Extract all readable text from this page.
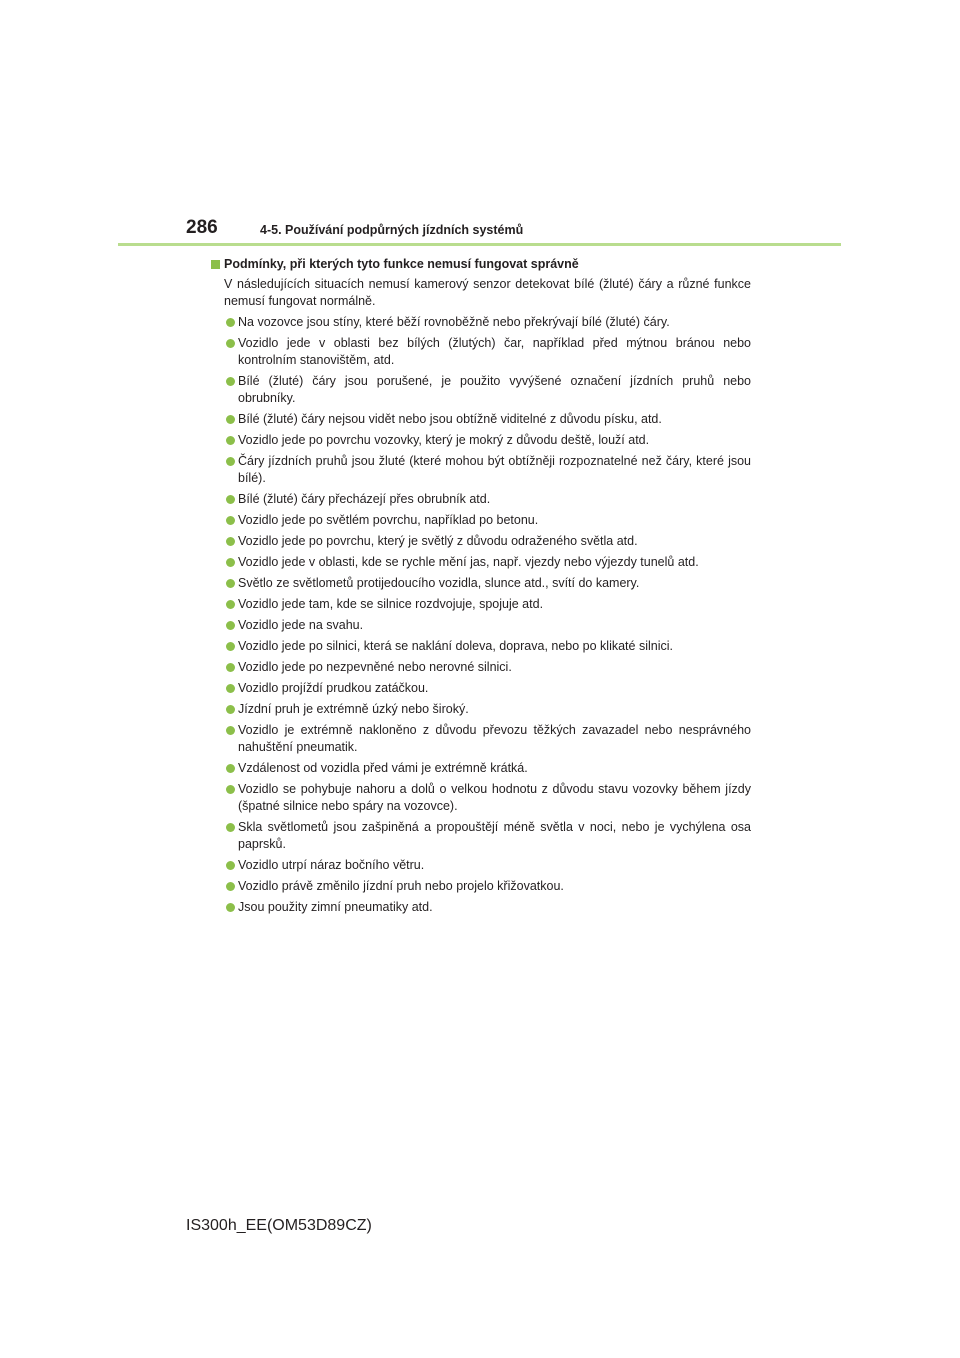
286	4-5. Používání podpůrných jízdních systémů

Podmínky, při kterých tyto funkce nemusí fungovat správně

V následujících situacích nemusí kamerový senzor detekovat bílé (žluté) čáry a různé funkce nemusí fungovat normálně.

Na vozovce jsou stíny, které běží rovnoběžně nebo překrývají bílé (žluté) čáry.
Vozidlo jede v oblasti bez bílých (žlutých) čar, například před mýtnou bránou nebo kontrolním stanovištěm, atd.
Bílé (žluté) čáry jsou porušené, je použito vyvýšené označení jízdních pruhů nebo obrubníky.
Bílé (žluté) čáry nejsou vidět nebo jsou obtížně viditelné z důvodu písku, atd.
Vozidlo jede po povrchu vozovky, který je mokrý z důvodu deště, louží atd.
Čáry jízdních pruhů jsou žluté (které mohou být obtížněji rozpoznatelné než čáry, které jsou bílé).
Bílé (žluté) čáry přecházejí přes obrubník atd.
Vozidlo jede po světlém povrchu, například po betonu.
Vozidlo jede po povrchu, který je světlý z důvodu odraženého světla atd.
Vozidlo jede v oblasti, kde se rychle mění jas, např. vjezdy nebo výjezdy tunelů atd.
Světlo ze světlometů protijedoucího vozidla, slunce atd., svítí do kamery.
Vozidlo jede tam, kde se silnice rozdvojuje, spojuje atd.
Vozidlo jede na svahu.
Vozidlo jede po silnici, která se naklání doleva, doprava, nebo po klikaté silnici.
Vozidlo jede po nezpevněné nebo nerovné silnici.
Vozidlo projíždí prudkou zatáčkou.
Jízdní pruh je extrémně úzký nebo široký.
Vozidlo je extrémně nakloněno z důvodu převozu těžkých zavazadel nebo nesprávného nahuštění pneumatik.
Vzdálenost od vozidla před vámi je extrémně krátká.
Vozidlo se pohybuje nahoru a dolů o velkou hodnotu z důvodu stavu vozovky během jízdy (špatné silnice nebo spáry na vozovce).
Skla světlometů jsou zašpiněná a propouštějí méně světla v noci, nebo je vychýlena osa paprsků.
Vozidlo utrpí náraz bočního větru.
Vozidlo právě změnilo jízdní pruh nebo projelo křižovatkou.
Jsou použity zimní pneumatiky atd.
IS300h_EE(OM53D89CZ)
